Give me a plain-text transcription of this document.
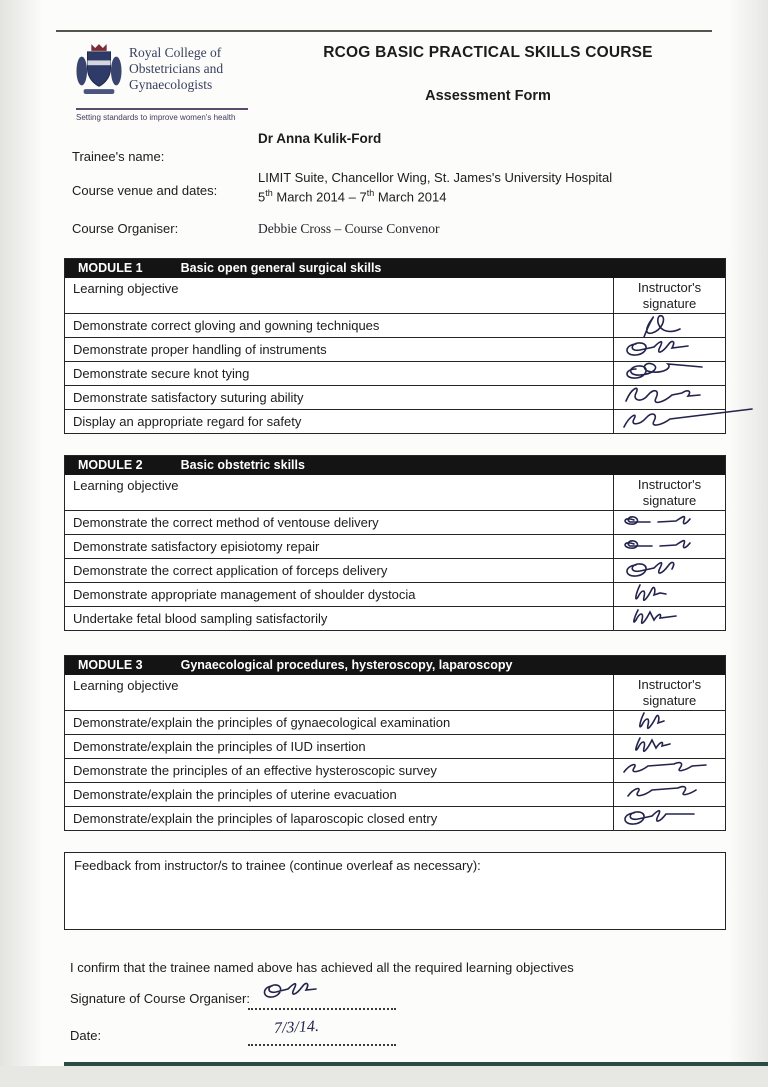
Royal College of
Obstetricians and
Gynaecologists
Setting standards to improve women's health
RCOG BASIC PRACTICAL SKILLS COURSE
Assessment Form
Trainee's name:
Dr Anna Kulik-Ford
Course venue and dates:
LIMIT Suite, Chancellor Wing, St. James's University Hospital
5th March 2014 – 7th March 2014
Course Organiser:	Debbie Cross – Course Convenor
MODULE 1	Basic open general surgical skills
Learning objective	Instructor's signature
Demonstrate correct gloving and gowning techniques
Demonstrate proper handling of instruments
Demonstrate secure knot tying
Demonstrate satisfactory suturing ability
Display an appropriate regard for safety
MODULE 2	Basic obstetric skills
Learning objective	Instructor's signature
Demonstrate the correct method of ventouse delivery
Demonstrate satisfactory episiotomy repair
Demonstrate the correct application of forceps delivery
Demonstrate appropriate management of shoulder dystocia
Undertake fetal blood sampling satisfactorily
MODULE 3	Gynaecological procedures, hysteroscopy, laparoscopy
Learning objective	Instructor's signature
Demonstrate/explain the principles of gynaecological examination
Demonstrate/explain the principles of IUD insertion
Demonstrate the principles of an effective hysteroscopic survey
Demonstrate/explain the principles of uterine evacuation
Demonstrate/explain the principles of laparoscopic closed entry
Feedback from instructor/s to trainee (continue overleaf as necessary):
I confirm that the trainee named above has achieved all the required learning objectives
Signature of Course Organiser:
Date:	7/3/14.
